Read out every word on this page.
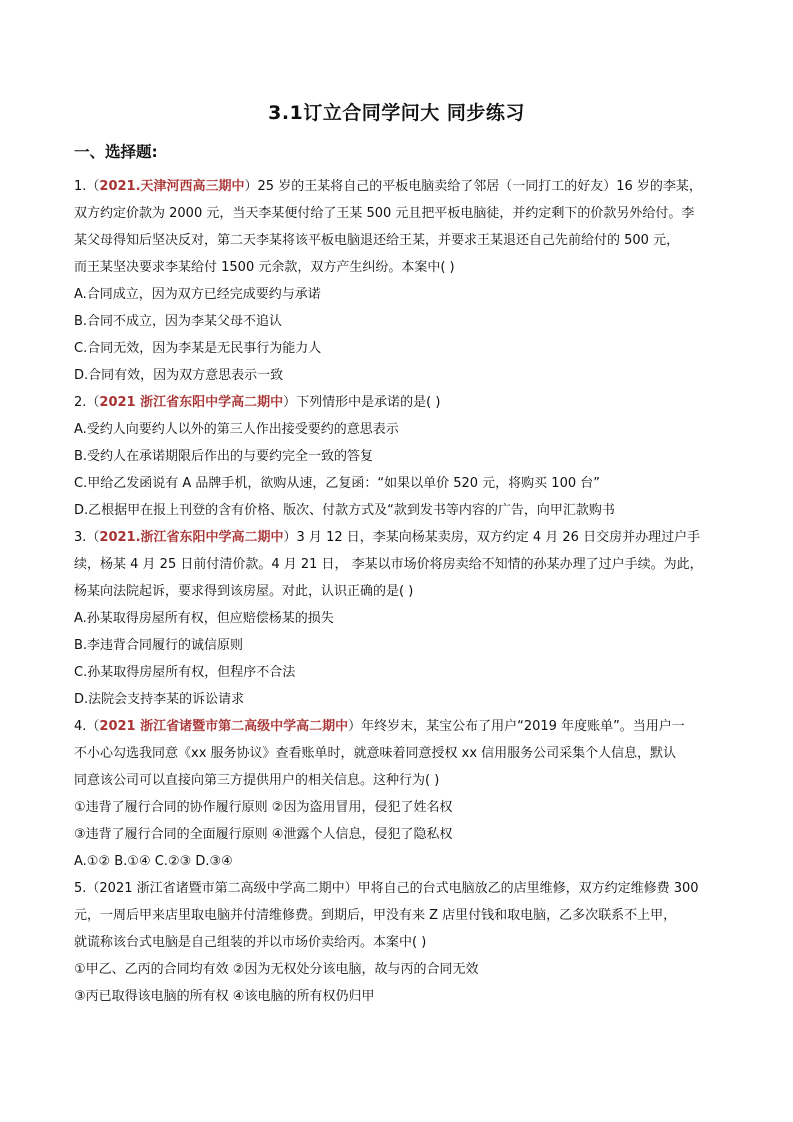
3.1订立合同学问大 同步练习
一、选择题:
1.（2021.天津河西高三期中）25 岁的王某将自己的平板电脑卖给了邻居（一同打工的好友）16 岁的李某，
双方约定价款为 2000 元，当天李某便付给了王某 500 元且把平板电脑徒，并约定剩下的价款另外给付。李
某父母得知后坚决反对，第二天李某将该平板电脑退还给王某，并要求王某退还自己先前给付的 500 元，
而王某坚决要求李某给付 1500 元余款，双方产生纠纷。本案中( )
A.合同成立，因为双方已经完成要约与承诺
B.合同不成立，因为李某父母不追认
C.合同无效，因为李某是无民事行为能力人
D.合同有效，因为双方意思表示一致
2.（2021 浙江省东阳中学高二期中）下列情形中是承诺的是( )
A.受约人向要约人以外的第三人作出接受要约的意思表示
B.受约人在承诺期限后作出的与要约完全一致的答复
C.甲给乙发函说有 A 品牌手机，欲购从速，乙复函：“如果以单价 520 元，将购买 100 台”
D.乙根据甲在报上刊登的含有价格、版次、付款方式及“款到发书等内容的广告，向甲汇款购书
3.（2021.浙江省东阳中学高二期中）3 月 12 日，李某向杨某卖房，双方约定 4 月 26 日交房并办理过户手
续，杨某 4 月 25 日前付清价款。4 月 21 日， 李某以市场价将房卖给不知情的孙某办理了过户手续。为此，
杨某向法院起诉，要求得到该房屋。对此，认识正确的是( )
A.孙某取得房屋所有权，但应赔偿杨某的损失
B.李违背合同履行的诚信原则
C.孙某取得房屋所有权，但程序不合法
D.法院会支持李某的诉讼请求
4.（2021 浙江省诸暨市第二高级中学高二期中）年终岁末，某宝公布了用户“2019 年度账单”。当用户一
不小心勾选我同意《xx 服务协议》查看账单时，就意味着同意授权 xx 信用服务公司采集个人信息，默认
同意该公司可以直接向第三方提供用户的相关信息。这种行为( )
①违背了履行合同的协作履行原则 ②因为盗用冒用，侵犯了姓名权
③违背了履行合同的全面履行原则 ④泄露个人信息，侵犯了隐私权
A.①② B.①④ C.②③ D.③④
5.（2021 浙江省诸暨市第二高级中学高二期中）甲将自己的台式电脑放乙的店里维修，双方约定维修费 300
元，一周后甲来店里取电脑并付清维修费。到期后，甲没有来 Z 店里付钱和取电脑，乙多次联系不上甲，
就谎称该台式电脑是自己组装的并以市场价卖给丙。本案中( )
①甲乙、乙丙的合同均有效 ②因为无权处分该电脑，故与丙的合同无效
③丙已取得该电脑的所有权 ④该电脑的所有权仍归甲
